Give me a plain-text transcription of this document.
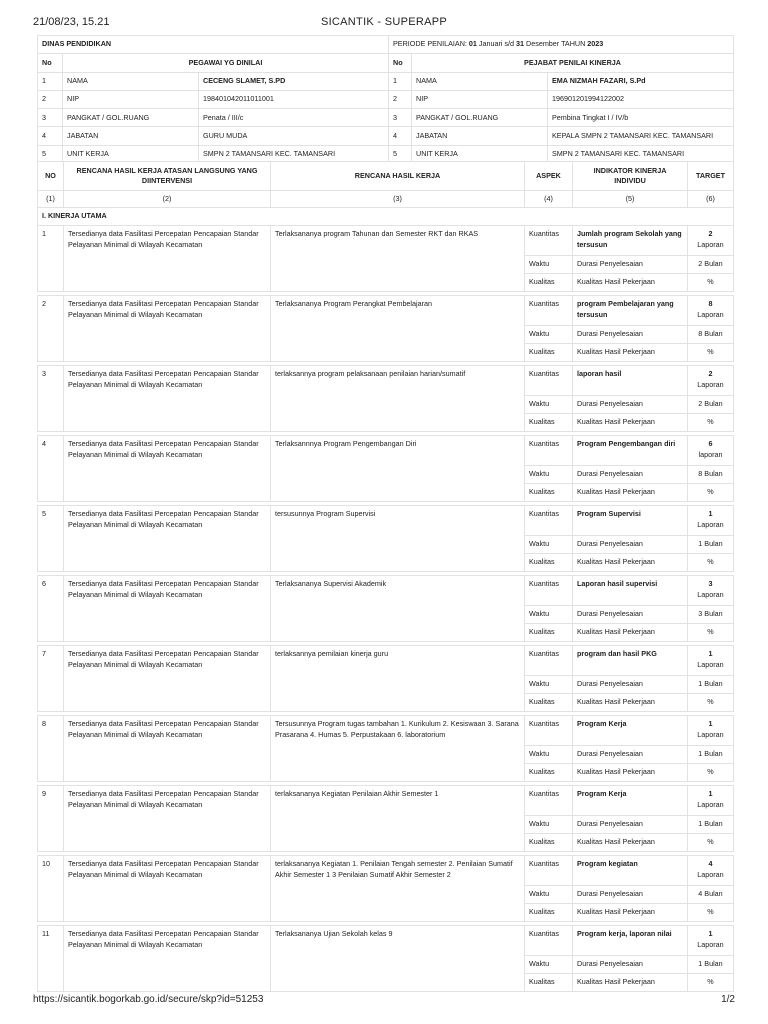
21/08/23, 15.21	SICANTIK - SUPERAPP
DINAS PENDIDIKAN			PERIODE PENILAIAN: 01 Januari s/d 31 Desember TAHUN 2023		
No	PEGAWAI YG DINILAI		No	PEJABAT PENILAI KINERJA	
1	NAMA	CECENG SLAMET, S.PD	1	NAMA	EMA NIZMAH FAZARI, S.Pd
2	NIP	198401042011011001	2	NIP	196901201994122002
3	PANGKAT / GOL.RUANG	Penata / III/c	3	PANGKAT / GOL.RUANG	Pembina Tingkat I / IV/b
4	JABATAN	GURU MUDA	4	JABATAN	KEPALA SMPN 2 TAMANSARI KEC. TAMANSARI
5	UNIT KERJA	SMPN 2 TAMANSARI KEC. TAMANSARI	5	UNIT KERJA	SMPN 2 TAMANSARI KEC. TAMANSARI
NO	RENCANA HASIL KERJA ATASAN LANGSUNG YANG DIINTERVENSI	RENCANA HASIL KERJA	ASPEK	INDIKATOR KINERJA INDIVIDU	TARGET
(1)	(2)	(3)	(4)	(5)	(6)
I. KINERJA UTAMA					
1	Tersedianya data Fasilitasi Percepatan Pencapaian Standar Pelayanan Minimal di Wilayah Kecamatan	Terlaksananya program Tahunan dan Semester RKT dan RKAS	Kuantitas	Jumlah program Sekolah yang tersusun	2
Laporan
			Waktu	Durasi Penyelesaian	2 Bulan
			Kualitas	Kualitas Hasil Pekerjaan	%

2	Tersedianya data Fasilitasi Percepatan Pencapaian Standar Pelayanan Minimal di Wilayah Kecamatan	Terlaksananya Program Perangkat Pembelajaran	Kuantitas	program Pembelajaran yang tersusun	8
Laporan
			Waktu	Durasi Penyelesaian	8 Bulan
			Kualitas	Kualitas Hasil Pekerjaan	%

3	Tersedianya data Fasilitasi Percepatan Pencapaian Standar Pelayanan Minimal di Wilayah Kecamatan	terlaksannya program pelaksanaan penilaian harian/sumatif	Kuantitas	laporan hasil	2
Laporan
			Waktu	Durasi Penyelesaian	2 Bulan
			Kualitas	Kualitas Hasil Pekerjaan	%

4	Tersedianya data Fasilitasi Percepatan Pencapaian Standar Pelayanan Minimal di Wilayah Kecamatan	Terlaksannnya Program Pengembangan Diri	Kuantitas	Program Pengembangan diri	6
laporan
			Waktu	Durasi Penyelesaian	8 Bulan
			Kualitas	Kualitas Hasil Pekerjaan	%

5	Tersedianya data Fasilitasi Percepatan Pencapaian Standar Pelayanan Minimal di Wilayah Kecamatan	tersusunnya Program Supervisi	Kuantitas	Program Supervisi	1
Laporan
			Waktu	Durasi Penyelesaian	1 Bulan
			Kualitas	Kualitas Hasil Pekerjaan	%

6	Tersedianya data Fasilitasi Percepatan Pencapaian Standar Pelayanan Minimal di Wilayah Kecamatan	Terlaksananya Supervisi Akademik	Kuantitas	Laporan hasil supervisi	3
Laporan
			Waktu	Durasi Penyelesaian	3 Bulan
			Kualitas	Kualitas Hasil Pekerjaan	%

7	Tersedianya data Fasilitasi Percepatan Pencapaian Standar Pelayanan Minimal di Wilayah Kecamatan	terlaksannya pemilaian kinerja guru	Kuantitas	program dan hasil PKG	1
Laporan
			Waktu	Durasi Penyelesaian	1 Bulan
			Kualitas	Kualitas Hasil Pekerjaan	%

8	Tersedianya data Fasilitasi Percepatan Pencapaian Standar Pelayanan Minimal di Wilayah Kecamatan	Tersusunnya Program tugas tambahan 1. Kurikulum 2. Kesiswaan 3. Sarana Prasarana 4. Humas 5. Perpustakaan 6. laboratorium	Kuantitas	Program Kerja	1
Laporan
			Waktu	Durasi Penyelesaian	1 Bulan
			Kualitas	Kualitas Hasil Pekerjaan	%

9	Tersedianya data Fasilitasi Percepatan Pencapaian Standar Pelayanan Minimal di Wilayah Kecamatan	terlaksananya Kegiatan Penilaian Akhir Semester 1	Kuantitas	Program Kerja	1
Laporan
			Waktu	Durasi Penyelesaian	1 Bulan
			Kualitas	Kualitas Hasil Pekerjaan	%

10	Tersedianya data Fasilitasi Percepatan Pencapaian Standar Pelayanan Minimal di Wilayah Kecamatan	terlaksananya Kegiatan 1. Penilaian Tengah semester 2. Penilaian Sumatif Akhir Semester 1 3 Penilaian Sumatif Akhir Semester 2	Kuantitas	Program kegiatan	4
Laporan
			Waktu	Durasi Penyelesaian	4 Bulan
			Kualitas	Kualitas Hasil Pekerjaan	%

11	Tersedianya data Fasilitasi Percepatan Pencapaian Standar Pelayanan Minimal di Wilayah Kecamatan	Terlaksananya Ujian Sekolah kelas 9	Kuantitas	Program kerja, laporan nilai	1
Laporan
			Waktu	Durasi Penyelesaian	1 Bulan
			Kualitas	Kualitas Hasil Pekerjaan	%

https://sicantik.bogorkab.go.id/secure/skp?id=51253	1/2
